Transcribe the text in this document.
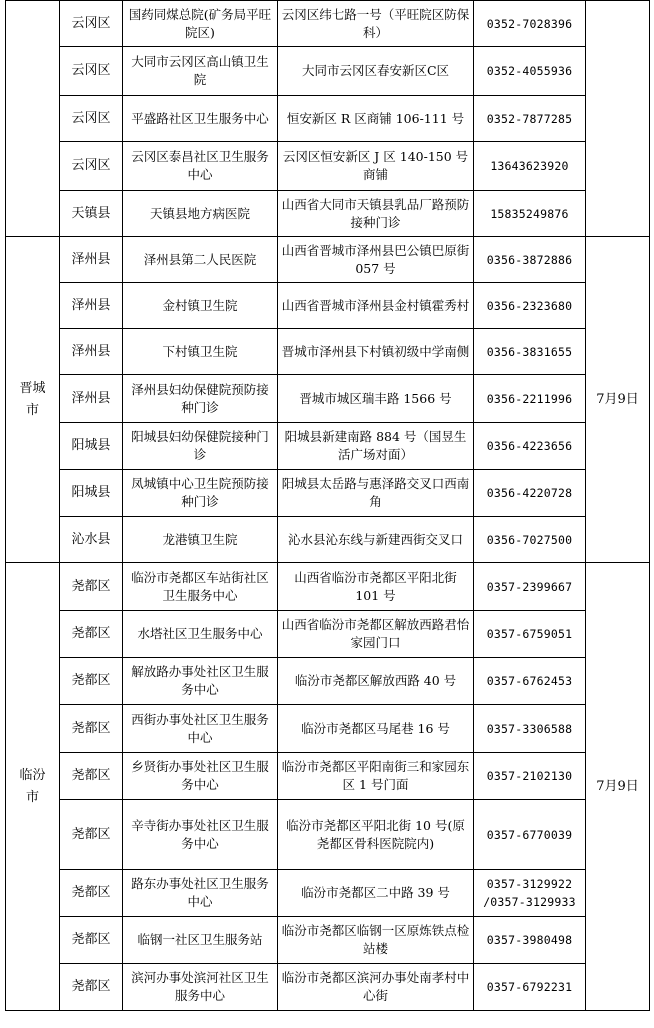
	云冈区	国药同煤总院(矿务局平旺院区)	云冈区纬七路一号（平旺院区防保科）	0352-7028396	
	云冈区	大同市云冈区高山镇卫生院	大同市云冈区春安新区C区	0352-4055936	
	云冈区	平盛路社区卫生服务中心	恒安新区 R 区商铺 106-111 号	0352-7877285	
	云冈区	云冈区泰昌社区卫生服务中心	云冈区恒安新区 J 区 140-150 号商铺	13643623920	
	天镇县	天镇县地方病医院	山西省大同市天镇县乳品厂路预防接种门诊	15835249876	
晋城市	泽州县	泽州县第二人民医院	山西省晋城市泽州县巴公镇巴原街 057 号	0356-3872886	7月9日
	泽州县	金村镇卫生院	山西省晋城市泽州县金村镇霍秀村	0356-2323680	
	泽州县	下村镇卫生院	晋城市泽州县下村镇初级中学南侧	0356-3831655	
	泽州县	泽州县妇幼保健院预防接种门诊	晋城市城区瑞丰路 1566 号	0356-2211996	
	阳城县	阳城县妇幼保健院接种门诊	阳城县新建南路 884 号（国昱生活广场对面）	0356-4223656	
	阳城县	凤城镇中心卫生院预防接种门诊	阳城县太岳路与惠泽路交叉口西南角	0356-4220728	
	沁水县	龙港镇卫生院	沁水县沁东线与新建西街交叉口	0356-7027500	
临汾市	尧都区	临汾市尧都区车站街社区卫生服务中心	山西省临汾市尧都区平阳北街 101 号	0357-2399667	7月9日
	尧都区	水塔社区卫生服务中心	山西省临汾市尧都区解放西路君怡家园门口	0357-6759051	
	尧都区	解放路办事处社区卫生服务中心	临汾市尧都区解放西路 40 号	0357-6762453	
	尧都区	西街办事处社区卫生服务中心	临汾市尧都区马尾巷 16 号	0357-3306588	
	尧都区	乡贤街办事处社区卫生服务中心	临汾市尧都区平阳南街三和家园东区 1 号门面	0357-2102130	
	尧都区	辛寺街办事处社区卫生服务中心	临汾市尧都区平阳北街 10 号(原尧都区骨科医院院内)	0357-6770039	
	尧都区	路东办事处社区卫生服务中心	临汾市尧都区二中路 39 号	0357-3129922 /0357-3129933	
	尧都区	临钢一社区卫生服务站	临汾市尧都区临钢一区原炼铁点检站楼	0357-3980498	
	尧都区	滨河办事处滨河社区卫生服务中心	临汾市尧都区滨河办事处南孝村中心街	0357-6792231	
